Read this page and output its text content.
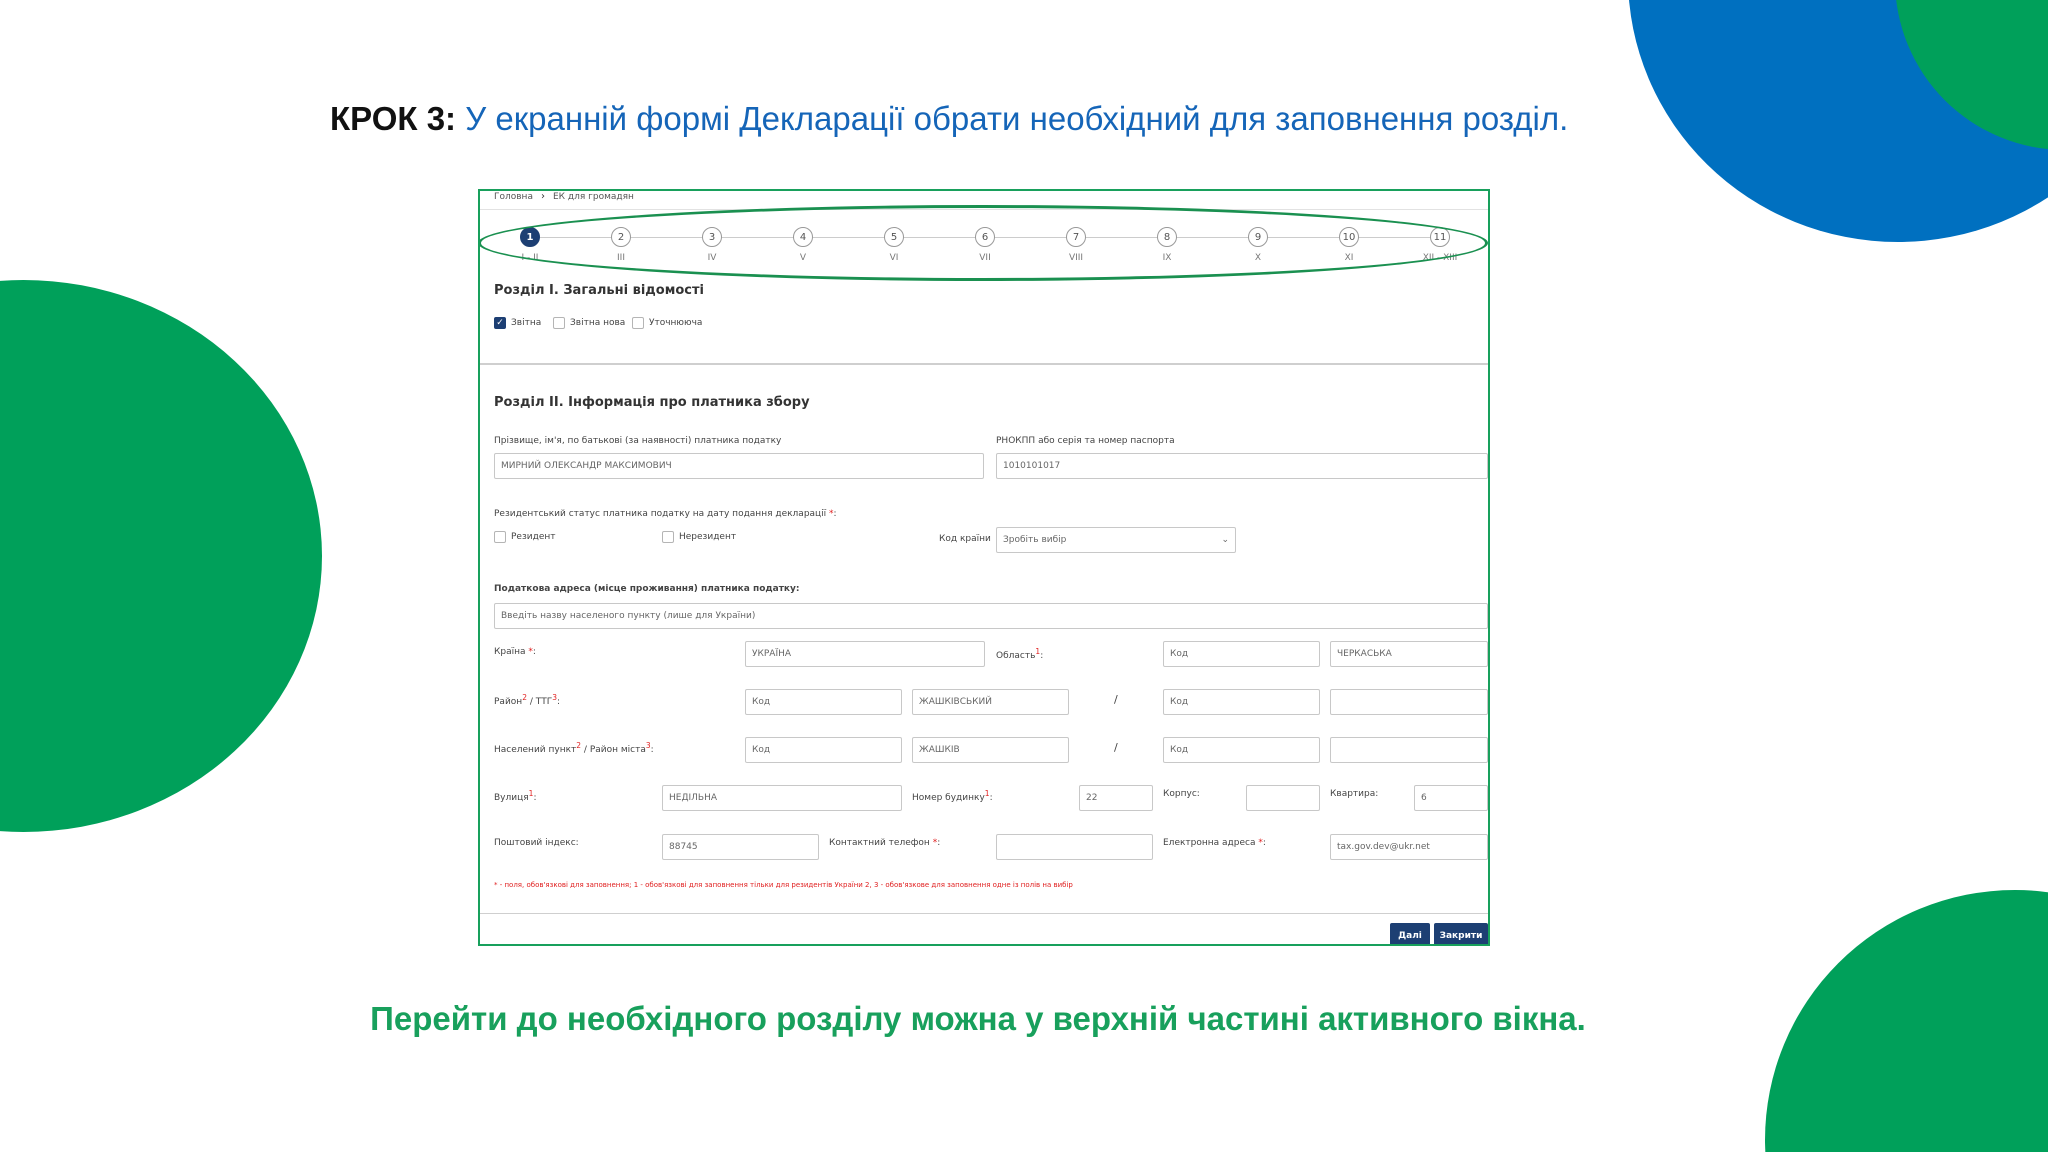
КРОК 3: У екранній формі Декларації обрати необхідний для заповнення розділ.
Головна › ЕК для громадян
1
I - II
2
III
3
IV
4
V
5
VI
6
VII
7
VIII
8
IX
9
X
10
XI
11
XII - XIII
Розділ І. Загальні відомості
✓ Звітна	Звітна нова	Уточнююча
Розділ ІІ. Інформація про платника збору
Прізвище, ім'я, по батькові (за наявності) платника податку
МИРНИЙ ОЛЕКСАНДР МАКСИМОВИЧ
РНОКПП або серія та номер паспорта
1010101017
Резидентський статус платника податку на дату подання декларації *:
Резидент	Нерезидент	Код країни Зробіть вибір	⌄
Податкова адреса (місце проживання) платника податку:
Введіть назву населеного пункту (лише для України)
Країна *:	УКРАЇНА	Область$^1$:	Код	ЧЕРКАСЬКА
Район$^2$ / ТТГ$^3$:	Код	ЖАШКІВСЬКИЙ	/	Код
Населений пункт$^2$ / Район міста$^3$:	Код	ЖАШКІВ	/	Код
Вулиця$^1$:	НЕДІЛЬНА	Номер будинку$^1$:	22	Корпус:	Квартира:	6
Поштовий індекс:	88745	Контактний телефон *:	Електронна адреса *:	tax.gov.dev@ukr.net
* - поля, обов'язкові для заповнення; 1 - обов'язкові для заповнення тільки для резидентів України 2, 3 - обов'язкове для заповнення одне із полів на вибір
Далі	Закрити
Перейти до необхідного розділу можна у верхній частині активного вікна.
